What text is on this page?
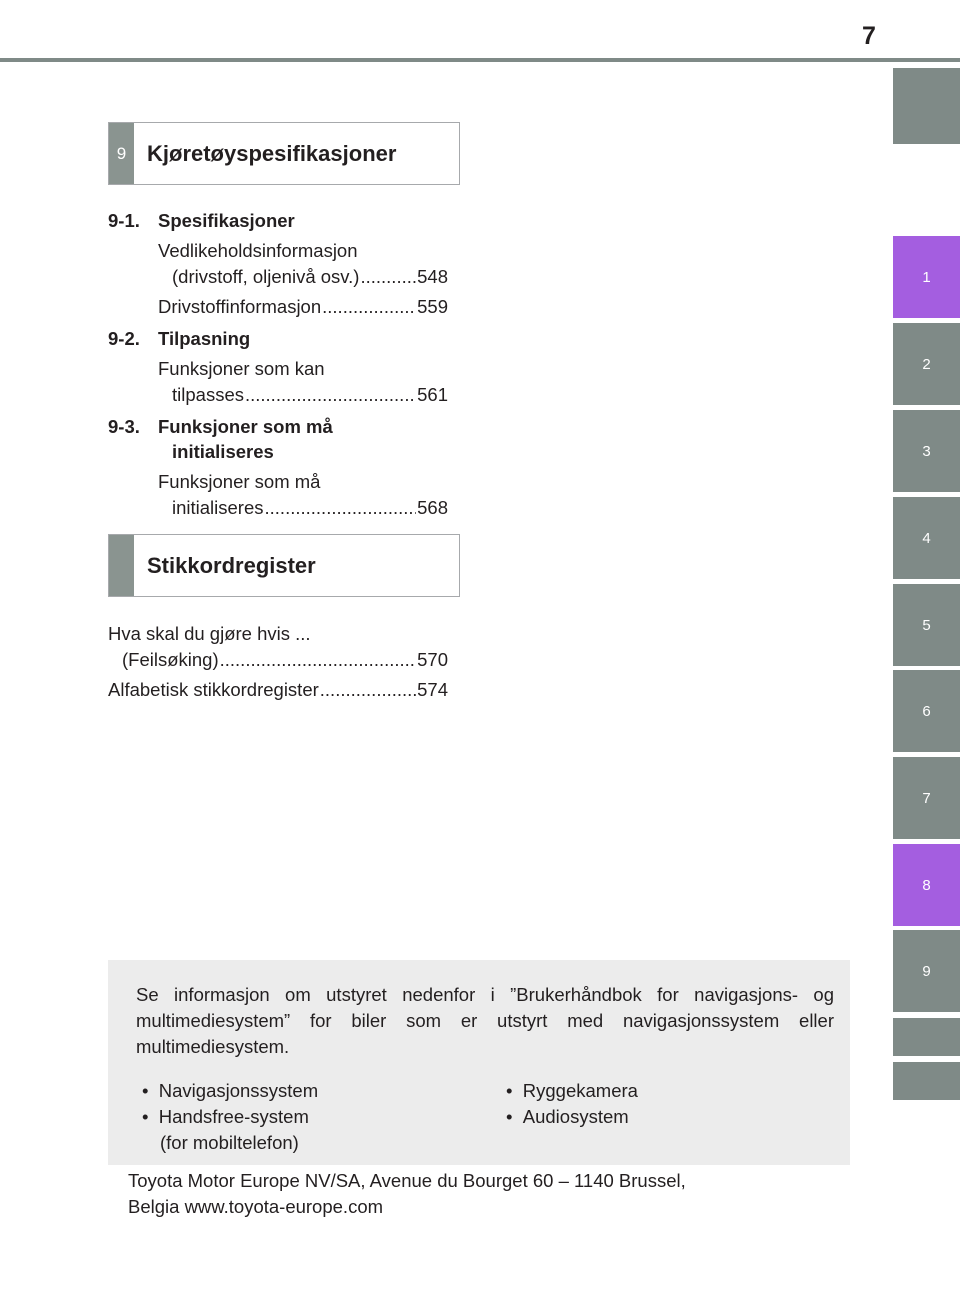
7
1
2
3
4
5
6
7
8
9
9 Kjøretøyspesifikasjoner
9-1. Spesifikasjoner
Vedlikeholdsinformasjon
(drivstoff, oljenivå osv.) .....	548
Drivstoffinformasjon .....	559
9-2. Tilpasning
Funksjoner som kan
tilpasses .....	561
9-3. Funksjoner som må
initialiseres
Funksjoner som må
initialiseres .....	568
Stikkordregister
Hva skal du gjøre hvis ...
(Feilsøking) .....	570
Alfabetisk stikkordregister .....	574
Se informasjon om utstyret nedenfor i ”Brukerhåndbok for navigasjons- og multimediesystem” for biler som er utstyrt med navigasjonssystem eller multimediesystem.
•  Navigasjonssystem
•  Handsfree-system
(for mobiltelefon)
•  Ryggekamera
•  Audiosystem
Toyota Motor Europe NV/SA, Avenue du Bourget 60 – 1140 Brussel,
Belgia www.toyota-europe.com
